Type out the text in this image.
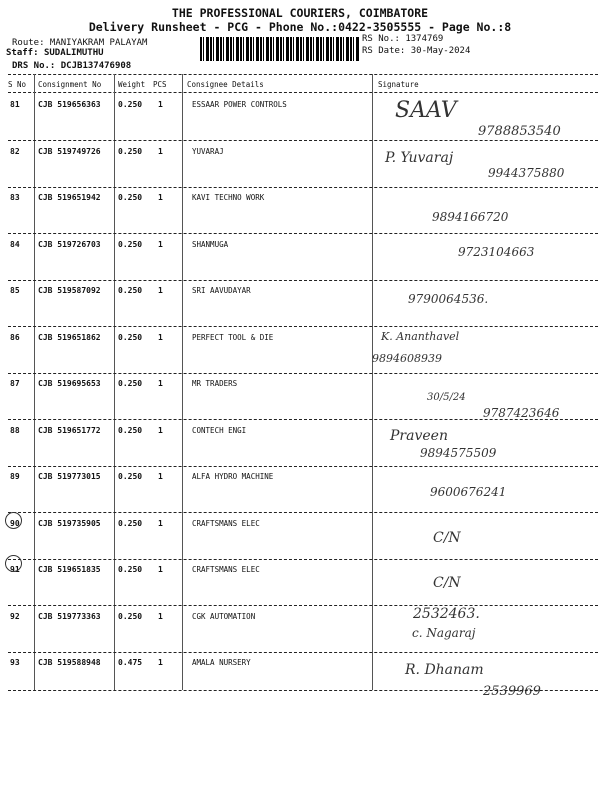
THE PROFESSIONAL COURIERS, COIMBATORE
Delivery Runsheet - PCG - Phone No.:0422-3505555 - Page No.:8
Route: MANIYAKRAM PALAYAM
Staff: SUDALIMUTHU
DRS No.: DCJB137476908
RS No.: 1374769
RS Date: 30-May-2024
S No Consignment No Weight PCS	Consignee Details	Signature
81 CJB 519656363 0.250 1	ESSAAR POWER CONTROLS	SAAV
9788853540
82 CJB 519749726 0.250 1	YUVARAJ	P. Yuvaraj
9944375880
83 CJB 519651942 0.250 1	KAVI TECHNO WORK
9894166720
84 CJB 519726703 0.250 1	SHANMUGA
9723104663
85 CJB 519587092 0.250 1	SRI AAVUDAYAR
9790064536.
86 CJB 519651862 0.250 1	PERFECT TOOL & DIE	K. Ananthavel
9894608939
87 CJB 519695653 0.250 1	MR TRADERS
30/5/24
9787423646
88 CJB 519651772 0.250 1	CONTECH ENGI	Praveen
9894575509
89 CJB 519773015 0.250 1	ALFA HYDRO MACHINE
9600676241
90 CJB 519735905 0.250 1	CRAFTSMANS ELEC
C/N
91 CJB 519651835 0.250 1	CRAFTSMANS ELEC
C/N
92 CJB 519773363 0.250 1	CGK AUTOMATION	2532463.
c. Nagaraj
93 CJB 519588948 0.475 1	AMALA NURSERY	R. Dhanam
2539969
